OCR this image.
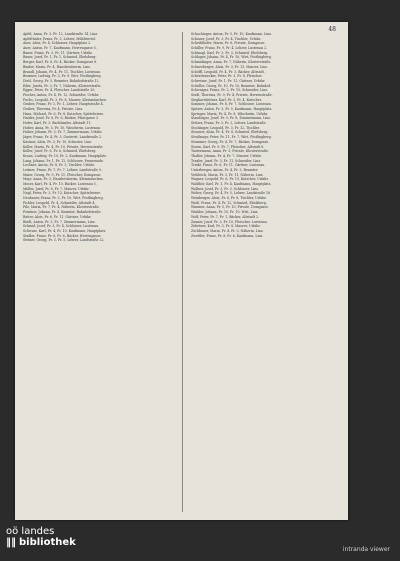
48

Apfel, Anna, Pr. 3, Fr. 12, Landstraße 14, Linz.

Apfelthaler, Franz, Pr. 3, Lehrer, Mühlviertel.

Auer, Alois, Pr. 4, Schlosser, Hauptplatz 2.

Auer, Anton, Pr. 7, Kaufmann, Herrengasse 5.

Bauer, Franz, Pr. 3, Fr. 11, Gärtner, Urfahr.

Bauer, Josef, Pr. 1, Fr. 1, Schmied, Ebelsberg.

Berger, Karl, Pr. 6, Fr. 4, Bäcker, Domgasse 8.

Binder, Maria, Pr. 4, Hausbesitzerin, Linz.

Brandl, Johann, Pr. 4, Fr. 11, Tischler, Lustenau.

Brunner, Ludwig, Pr. 3, Fr. 9, Wirt, Pöstlingberg.

Dietl, Georg, Pr. 5, Beamter, Bahnhofstraße 12.

Eder, Josefa, Pr. 3, Fr. 7, Näherin, Klosterstraße.

Egger, Peter, Pr. 4, Fleischer, Landstraße 30.

Fischer, Anton, Pr. 4, Fr. 12, Schneider, Urfahr.

Fuchs, Leopold, Pr. 3, Fr. 8, Maurer, Kleinmünchen.

Gruber, Franz, Pr. 1, Fr. 1, Lehrer, Hauptstraße 4.

Gruber, Theresia, Pr. 4, Private, Linz.

Haas, Michael, Pr. 6, Fr. 8, Kutscher, Spittelwiese.

Haider, Josef, Pr. 8, Fr. 8, Bäcker, Pfarrgasse 3.

Hofer, Karl, Pr. 3, Buchbinder, Altstadt 11.

Huber, Anna, Pr. 5, Fr. 10, Wäscherin, Lustenau.

Huber, Johann, Pr. 3, Fr. 7, Zimmermann, Urfahr.

Jäger, Franz, Pr. 4, Fr. 3, Gastwirt, Landstraße 2.

Kastner, Alois, Pr. 3, Fr. 10, Schuster, Linz.

Keller, Maria, Pr. 4, Fr. 10, Private, Herrenstraße.

Koller, Josef, Pr. 6, Fr. 6, Schmied, Ebelsberg.

Kraus, Ludwig, Pr. 10, Fr. 2, Kaufmann, Hauptplatz.

Lang, Johann, Pr. 1, Fr. 12, Schlosser, Promenade.

Lechner, Anton, Pr. 8, Fr. 3, Tischler, Urfahr.

Leitner, Franz, Pr. 7, Fr. 7, Lehrer, Landstraße 9.

Maier, Georg, Pr. 9, Fr. 11, Fleischer, Domgasse.

Mayr, Anna, Pr. 3, Hausbesitzerin, Kleinmünchen.

Moser, Karl, Pr. 4, Fr. 10, Bäcker, Lustenau 5.

Müller, Josef, Pr. 8, Fr. 7, Maurer, Urfahr.

Nagl, Peter, Pr. 3, Fr. 13, Kutscher, Spittelwiese.

Neubauer, Franz, Pr. 3, Fr. 10, Wirt, Pöstlingberg.

Pichler, Leopold, Pr. 4, Schneider, Altstadt 4.

Pilz, Maria, Pr. 7, Fr. 4, Näherin, Klosterstraße.

Pointner, Johann, Pr. 4, Beamter, Bahnhofstraße.

Reiter, Alois, Pr. 6, Fr. 11, Gärtner, Urfahr.

Riedl, Anton, Pr. 3, Fr. 7, Zimmermann, Linz.

Schmid, Josef, Pr. 3, Fr. 4, Schlosser, Lustenau.

Schwarz, Karl, Pr. 4, Fr. 10, Kaufmann, Hauptplatz.

Stadler, Franz, Pr. 6, Fr. 6, Bäcker, Herrengasse.

Steiner, Georg, Pr. 3, Fr. 5, Lehrer, Landstraße 22.

Schachinger, Anton, Pr. 5, Fr. 10, Kaufmann, Linz.

Schauer, Josef, Pr. 3, Fr. 4, Tischler, Urfahr.

Scheiblhofer, Maria, Pr. 6, Private, Domgasse.

Schiller, Franz, Pr. 9, Fr. 4, Lehrer, Lustenau 2.

Schinagl, Karl, Pr. 3, Fr. 3, Schmied, Ebelsberg.

Schlager, Johann, Pr. 4, Fr. 10, Wirt, Pöstlingberg.

Schmidinger, Anna, Pr. 7, Näherin, Klosterstraße.

Schneeberger, Alois, Pr. 3, Fr. 13, Maurer, Linz.

Schöffl, Leopold, Pr. 4, Fr. 3, Bäcker, Altstadt.

Schrattenecker, Peter, Pr. 3, Fr. 8, Fleischer.

Schreiner, Josef, Pr. 1, Fr. 11, Gärtner, Urfahr.

Schüller, Georg, Pr. 10, Fr. 10, Beamter, Bahnhof.

Schwaiger, Franz, Pr. 2, Fr. 10, Schneider, Linz.

Seidl, Theresia, Pr. 9, Fr. 4, Private, Herrenstraße.

Sieghartsleitner, Karl, Pr. 3, Fr. 4, Kutscher.

Sommer, Johann, Pr. 6, Fr. 7, Schlosser, Lustenau.

Spitzer, Anton, Pr. 3, Fr. 5, Kaufmann, Hauptplatz.

Springer, Maria, Pr. 4, Fr. 8, Wäscherin, Urfahr.

Staudinger, Josef, Pr. 9, Fr. 8, Zimmermann, Linz.

Stelzer, Franz, Pr. 3, Fr. 2, Lehrer, Landstraße.

Stockinger, Leopold, Pr. 3, Fr. 12, Tischler.

Strasser, Alois, Pr. 4, Fr. 8, Schmied, Ebelsberg.

Straßmayr, Peter, Pr. 11, Fr. 7, Wirt, Pöstlingberg.

Stummer, Georg, Pr. 4, Fr. 7, Bäcker, Domgasse.

Sturm, Karl, Pr. 9, Fr. 7, Fleischer, Altstadt 8.

Tautermann, Anna, Pr. 3, Private, Klosterstraße.

Thaller, Johann, Pr. 4, Fr. 7, Maurer, Urfahr.

Traxler, Josef, Pr. 3, Fr. 11, Schneider, Linz.

Trinkl, Franz, Pr. 6, Fr. 11, Gärtner, Lustenau.

Unterberger, Anton, Pr. 4, Fr. 3, Beamter.

Viehböck, Maria, Pr. 3, Fr. 11, Näherin, Linz.

Wagner, Leopold, Pr. 6, Fr. 10, Kutscher, Urfahr.

Waldhör, Karl, Pr. 1, Fr. 4, Kaufmann, Hauptplatz.

Wallner, Josef, Pr. 3, Fr. 3, Schlosser, Linz.

Weber, Georg, Pr. 4, Fr. 5, Lehrer, Landstraße 16.

Weinberger, Alois, Pr. 6, Fr. 8, Tischler, Urfahr.

Weiß, Franz, Pr. 4, Fr. 12, Schmied, Ebelsberg.

Wimmer, Anna, Pr. 5, Fr. 10, Private, Domgasse.

Winkler, Johann, Pr. 10, Fr. 10, Wirt, Linz.

Wolf, Peter, Pr. 7, Fr. 1, Bäcker, Altstadt 2.

Zauner, Josef, Pr. 3, Fr. 10, Fleischer, Lustenau.

Zehetner, Karl, Pr. 3, Fr. 8, Maurer, Urfahr.

Zöchbauer, Maria, Pr. 4, Fr. 3, Näherin, Linz.

Zwettler, Franz, Pr. 8, Fr. 6, Kaufmann, Linz.

oö landes
‖‖ bibliothek
intranda viewer
